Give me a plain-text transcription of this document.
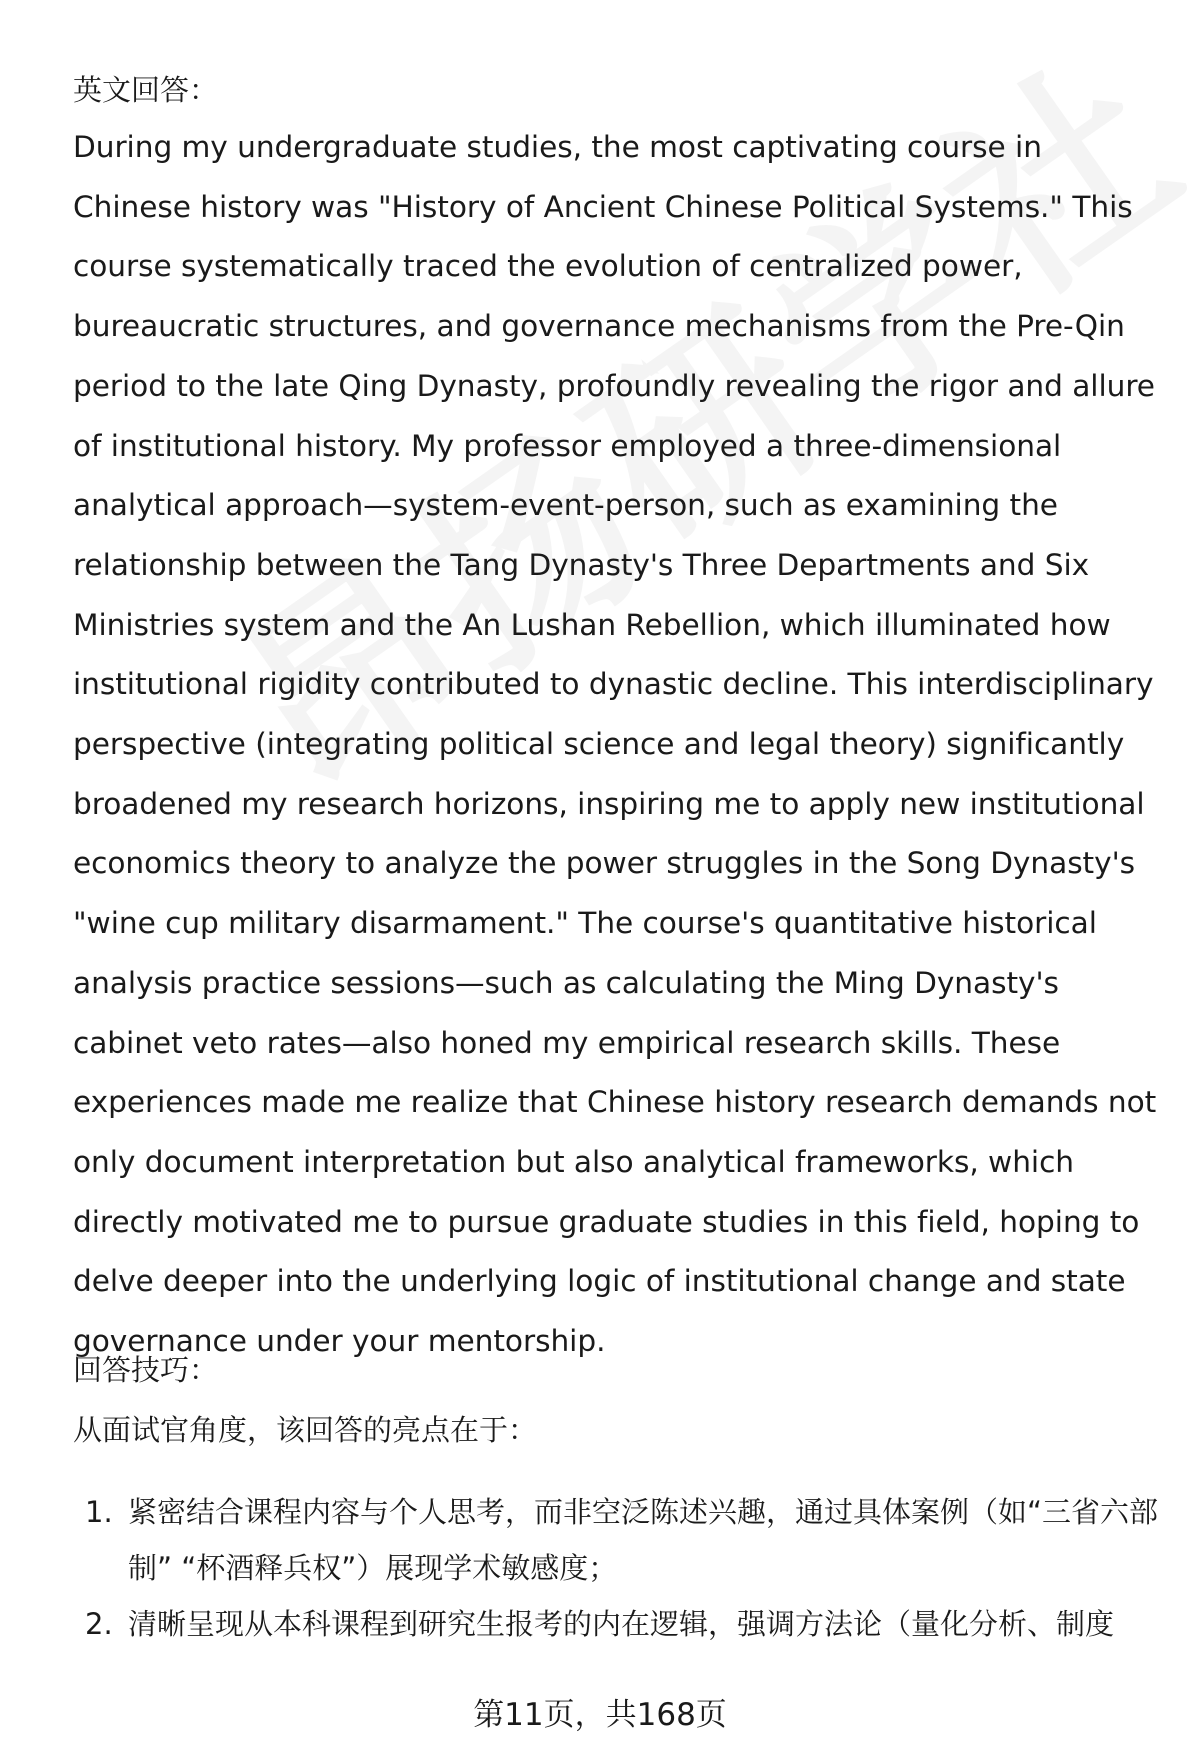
英文回答：

During my undergraduate studies, the most captivating course in Chinese history was "History of Ancient Chinese Political Systems." This course systematically traced the evolution of centralized power, bureaucratic structures, and governance mechanisms from the Pre-Qin period to the late Qing Dynasty, profoundly revealing the rigor and allure of institutional history. My professor employed a three-dimensional analytical approach—system-event-person, such as examining the relationship between the Tang Dynasty's Three Departments and Six Ministries system and the An Lushan Rebellion, which illuminated how institutional rigidity contributed to dynastic decline. This interdisciplinary perspective (integrating political science and legal theory) significantly broadened my research horizons, inspiring me to apply new institutional economics theory to analyze the power struggles in the Song Dynasty's "wine cup military disarmament." The course's quantitative historical analysis practice sessions—such as calculating the Ming Dynasty's cabinet veto rates—also honed my empirical research skills. These experiences made me realize that Chinese history research demands not only document interpretation but also analytical frameworks, which directly motivated me to pursue graduate studies in this field, hoping to delve deeper into the underlying logic of institutional change and state governance under your mentorship.

回答技巧：

从面试官角度，该回答的亮点在于：

1. 紧密结合课程内容与个人思考，而非空泛陈述兴趣，通过具体案例（如“三省六部制” “杯酒释兵权”）展现学术敏感度；
2. 清晰呈现从本科课程到研究生报考的内在逻辑，强调方法论（量化分析、制度

第11页，共168页
